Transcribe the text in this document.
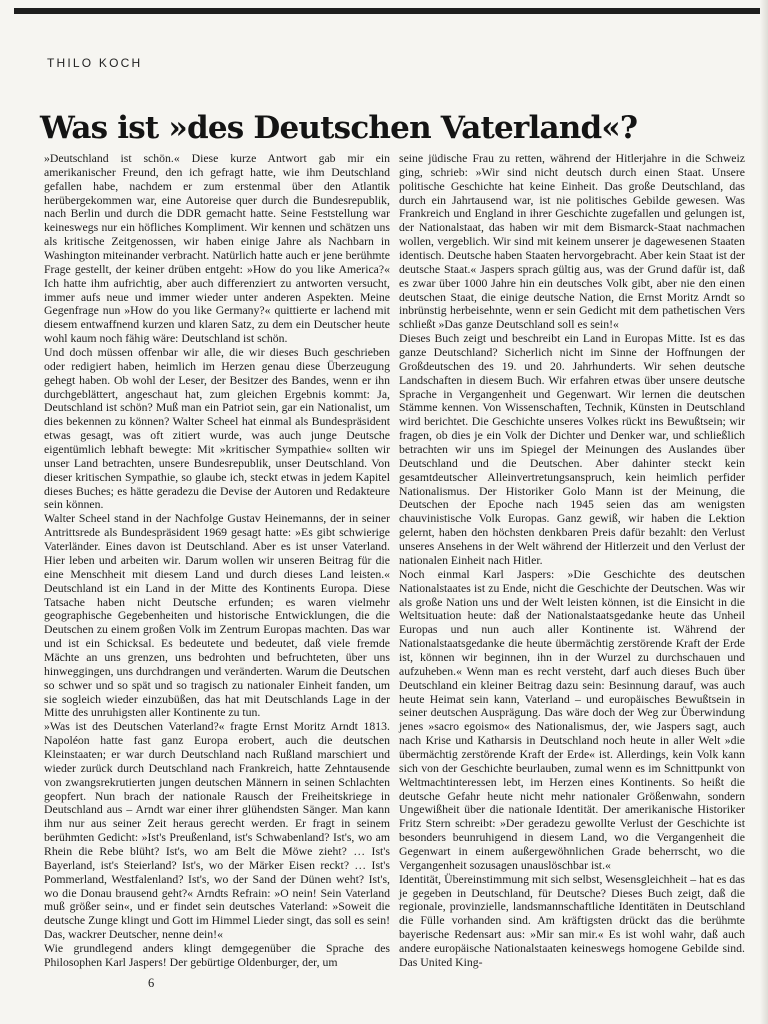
THILO KOCH
Was ist »des Deutschen Vaterland«?

»Deutschland ist schön.« Diese kurze Antwort gab mir ein amerikanischer Freund, den ich gefragt hatte, wie ihm Deutschland gefallen habe, nachdem er zum erstenmal über den Atlantik herübergekommen war, eine Autoreise quer durch die Bundesrepublik, nach Berlin und durch die DDR gemacht hatte. Seine Feststellung war keineswegs nur ein höfliches Kompliment. Wir kennen und schätzen uns als kritische Zeitgenossen, wir haben einige Jahre als Nachbarn in Washington miteinander verbracht. Natürlich hatte auch er jene berühmte Frage gestellt, der keiner drüben entgeht: »How do you like America?« Ich hatte ihm aufrichtig, aber auch differenziert zu antworten versucht, immer aufs neue und immer wieder unter anderen Aspekten. Meine Gegenfrage nun »How do you like Germany?« quittierte er lachend mit diesem entwaffnend kurzen und klaren Satz, zu dem ein Deutscher heute wohl kaum noch fähig wäre: Deutschland ist schön.

Und doch müssen offenbar wir alle, die wir dieses Buch geschrieben oder redigiert haben, heimlich im Herzen genau diese Überzeugung gehegt haben. Ob wohl der Leser, der Besitzer des Bandes, wenn er ihn durchgeblättert, angeschaut hat, zum gleichen Ergebnis kommt: Ja, Deutschland ist schön? Muß man ein Patriot sein, gar ein Nationalist, um dies bekennen zu können? Walter Scheel hat einmal als Bundespräsident etwas gesagt, was oft zitiert wurde, was auch junge Deutsche eigentümlich lebhaft bewegte: Mit »kritischer Sympathie« sollten wir unser Land betrachten, unsere Bundesrepublik, unser Deutschland. Von dieser kritischen Sympathie, so glaube ich, steckt etwas in jedem Kapitel dieses Buches; es hätte geradezu die Devise der Autoren und Redakteure sein können.

Walter Scheel stand in der Nachfolge Gustav Heinemanns, der in seiner Antrittsrede als Bundespräsident 1969 gesagt hatte: »Es gibt schwierige Vaterländer. Eines davon ist Deutschland. Aber es ist unser Vaterland. Hier leben und arbeiten wir. Darum wollen wir unseren Beitrag für die eine Menschheit mit diesem Land und durch dieses Land leisten.« Deutschland ist ein Land in der Mitte des Kontinents Europa. Diese Tatsache haben nicht Deutsche erfunden; es waren vielmehr geographische Gegebenheiten und historische Entwicklungen, die die Deutschen zu einem großen Volk im Zentrum Europas machten. Das war und ist ein Schicksal. Es bedeutete und bedeutet, daß viele fremde Mächte an uns grenzen, uns bedrohten und befruchteten, über uns hinweggingen, uns durchdrangen und veränderten. Warum die Deutschen so schwer und so spät und so tragisch zu nationaler Einheit fanden, um sie sogleich wieder einzubüßen, das hat mit Deutschlands Lage in der Mitte des unruhigsten aller Kontinente zu tun.

»Was ist des Deutschen Vaterland?« fragte Ernst Moritz Arndt 1813. Napoléon hatte fast ganz Europa erobert, auch die deutschen Kleinstaaten; er war durch Deutschland nach Rußland marschiert und wieder zurück durch Deutschland nach Frankreich, hatte Zehntausende von zwangsrekrutierten jungen deutschen Männern in seinen Schlachten geopfert. Nun brach der nationale Rausch der Freiheitskriege in Deutschland aus – Arndt war einer ihrer glühendsten Sänger. Man kann ihm nur aus seiner Zeit heraus gerecht werden. Er fragt in seinem berühmten Gedicht: »Ist's Preußenland, ist's Schwabenland? Ist's, wo am Rhein die Rebe blüht? Ist's, wo am Belt die Möwe zieht? … Ist's Bayerland, ist's Steierland? Ist's, wo der Märker Eisen reckt? … Ist's Pommerland, Westfalenland? Ist's, wo der Sand der Dünen weht? Ist's, wo die Donau brausend geht?« Arndts Refrain: »O nein! Sein Vaterland muß größer sein«, und er findet sein deutsches Vaterland: »Soweit die deutsche Zunge klingt und Gott im Himmel Lieder singt, das soll es sein! Das, wackrer Deutscher, nenne dein!«

Wie grundlegend anders klingt demgegenüber die Sprache des Philosophen Karl Jaspers! Der gebürtige Oldenburger, der, um

seine jüdische Frau zu retten, während der Hitlerjahre in die Schweiz ging, schrieb: »Wir sind nicht deutsch durch einen Staat. Unsere politische Geschichte hat keine Einheit. Das große Deutschland, das durch ein Jahrtausend war, ist nie politisches Gebilde gewesen. Was Frankreich und England in ihrer Geschichte zugefallen und gelungen ist, der Nationalstaat, das haben wir mit dem Bismarck-Staat nachmachen wollen, vergeblich. Wir sind mit keinem unserer je dagewesenen Staaten identisch. Deutsche haben Staaten hervorgebracht. Aber kein Staat ist der deutsche Staat.« Jaspers sprach gültig aus, was der Grund dafür ist, daß es zwar über 1000 Jahre hin ein deutsches Volk gibt, aber nie den einen deutschen Staat, die einige deutsche Nation, die Ernst Moritz Arndt so inbrünstig herbeisehnte, wenn er sein Gedicht mit dem pathetischen Vers schließt »Das ganze Deutschland soll es sein!«

Dieses Buch zeigt und beschreibt ein Land in Europas Mitte. Ist es das ganze Deutschland? Sicherlich nicht im Sinne der Hoffnungen der Großdeutschen des 19. und 20. Jahrhunderts. Wir sehen deutsche Landschaften in diesem Buch. Wir erfahren etwas über unsere deutsche Sprache in Vergangenheit und Gegenwart. Wir lernen die deutschen Stämme kennen. Von Wissenschaften, Technik, Künsten in Deutschland wird berichtet. Die Geschichte unseres Volkes rückt ins Bewußtsein; wir fragen, ob dies je ein Volk der Dichter und Denker war, und schließlich betrachten wir uns im Spiegel der Meinungen des Auslandes über Deutschland und die Deutschen. Aber dahinter steckt kein gesamtdeutscher Alleinvertretungsanspruch, kein heimlich perfider Nationalismus. Der Historiker Golo Mann ist der Meinung, die Deutschen der Epoche nach 1945 seien das am wenigsten chauvinistische Volk Europas. Ganz gewiß, wir haben die Lektion gelernt, haben den höchsten denkbaren Preis dafür bezahlt: den Verlust unseres Ansehens in der Welt während der Hitlerzeit und den Verlust der nationalen Einheit nach Hitler.

Noch einmal Karl Jaspers: »Die Geschichte des deutschen Nationalstaates ist zu Ende, nicht die Geschichte der Deutschen. Was wir als große Nation uns und der Welt leisten können, ist die Einsicht in die Weltsituation heute: daß der Nationalstaatsgedanke heute das Unheil Europas und nun auch aller Kontinente ist. Während der Nationalstaatsgedanke die heute übermächtig zerstörende Kraft der Erde ist, können wir beginnen, ihn in der Wurzel zu durchschauen und aufzuheben.« Wenn man es recht versteht, darf auch dieses Buch über Deutschland ein kleiner Beitrag dazu sein: Besinnung darauf, was auch heute Heimat sein kann, Vaterland – und europäisches Bewußtsein in seiner deutschen Ausprägung. Das wäre doch der Weg zur Überwindung jenes »sacro egoismo« des Nationalismus, der, wie Jaspers sagt, auch nach Krise und Katharsis in Deutschland noch heute in aller Welt »die übermächtig zerstörende Kraft der Erde« ist. Allerdings, kein Volk kann sich von der Geschichte beurlauben, zumal wenn es im Schnittpunkt von Weltmachtinteressen lebt, im Herzen eines Kontinents. So heißt die deutsche Gefahr heute nicht mehr nationaler Größenwahn, sondern Ungewißheit über die nationale Identität. Der amerikanische Historiker Fritz Stern schreibt: »Der geradezu gewollte Verlust der Geschichte ist besonders beunruhigend in diesem Land, wo die Vergangenheit die Gegenwart in einem außergewöhnlichen Grade beherrscht, wo die Vergangenheit sozusagen unauslöschbar ist.«

Identität, Übereinstimmung mit sich selbst, Wesensgleichheit – hat es das je gegeben in Deutschland, für Deutsche? Dieses Buch zeigt, daß die regionale, provinzielle, landsmannschaftliche Identitäten in Deutschland die Fülle vorhanden sind. Am kräftigsten drückt das die berühmte bayerische Redensart aus: »Mir san mir.« Es ist wohl wahr, daß auch andere europäische Nationalstaaten keineswegs homogene Gebilde sind. Das United King-

6
